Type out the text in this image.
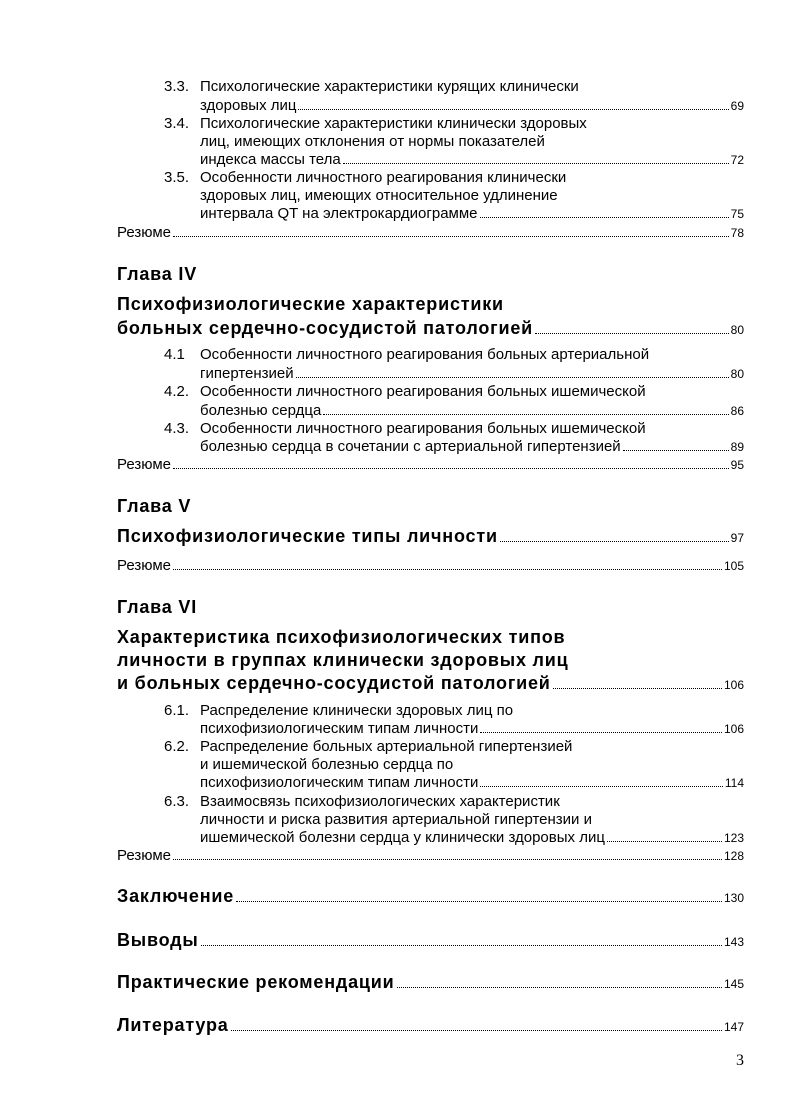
3.3. Психологические характеристики курящих клинически
здоровых лиц	69
3.4. Психологические характеристики клинически здоровых
лиц, имеющих отклонения от нормы показателей
индекса массы тела	72
3.5. Особенности личностного реагирования клинически
здоровых лиц, имеющих относительное удлинение
интервала QT на электрокардиограмме	75
Резюме	78
Глава IV
Психофизиологические характеристики
больных сердечно-сосудистой патологией	80
4.1 Особенности личностного реагирования больных артериальной
гипертензией	80
4.2. Особенности личностного реагирования больных ишемической
болезнью сердца	86
4.3. Особенности личностного реагирования больных ишемической
болезнью сердца в сочетании с артериальной гипертензией	89
Резюме	95
Глава V
Психофизиологические типы личности	97
Резюме	105
Глава VI
Характеристика психофизиологических типов
личности в группах клинически здоровых лиц
и больных сердечно-сосудистой патологией	106
6.1. Распределение клинически здоровых лиц по
психофизиологическим типам личности	106
6.2. Распределение больных артериальной гипертензией
и ишемической болезнью сердца по
психофизиологическим типам личности	114
6.3. Взаимосвязь психофизиологических характеристик
личности и риска развития артериальной гипертензии и
ишемической болезни сердца у клинически здоровых лиц	123
Резюме	128
Заключение	130
Выводы	143
Практические рекомендации	145
Литература	147
3
